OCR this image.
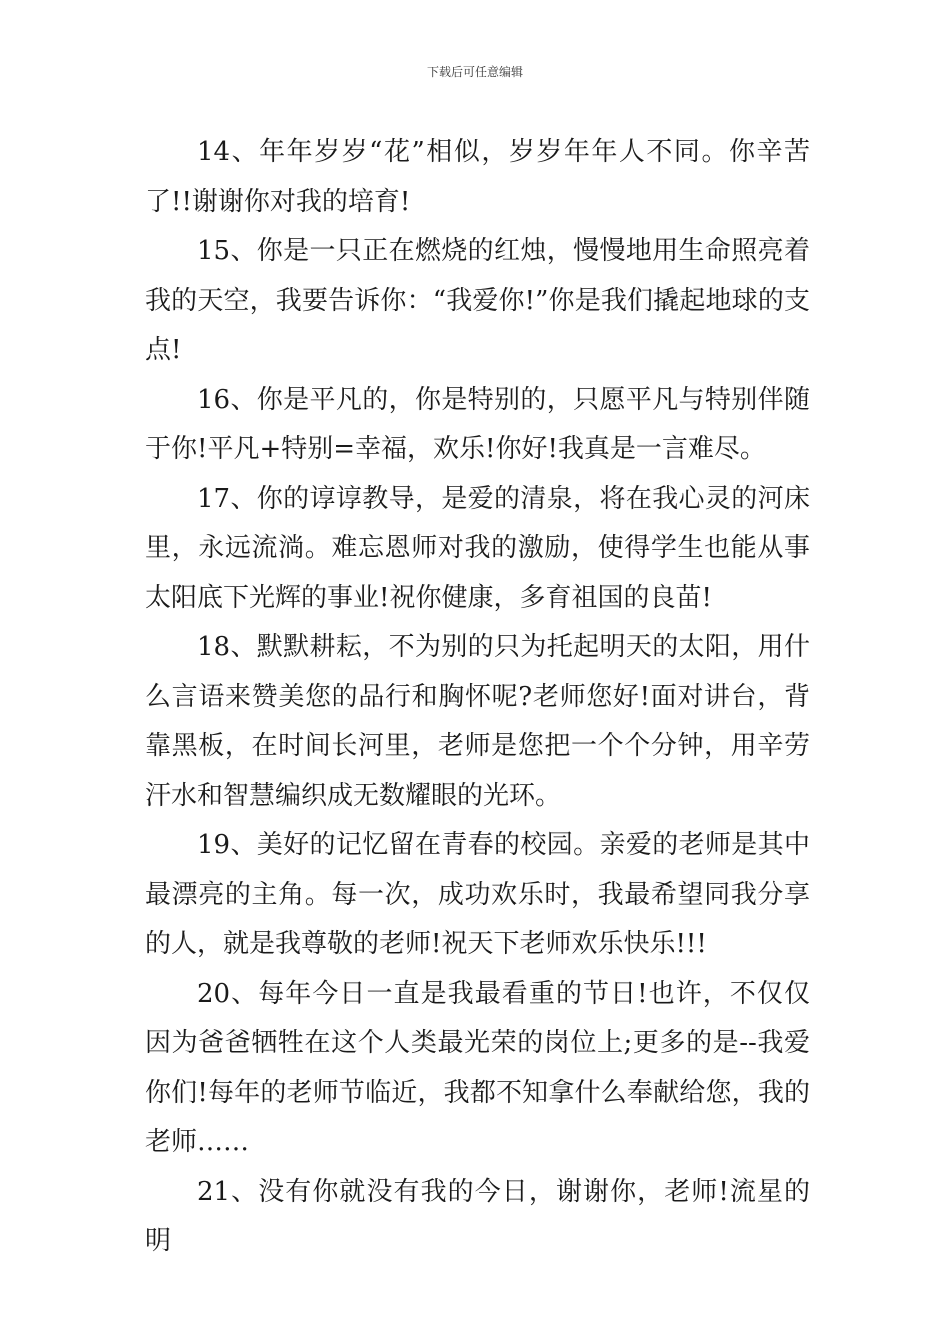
下载后可任意编辑

14、年年岁岁“花”相似，岁岁年年人不同。你辛苦了!!谢谢你对我的培育!

15、你是一只正在燃烧的红烛，慢慢地用生命照亮着我的天空，我要告诉你：“我爱你!”你是我们撬起地球的支点!

16、你是平凡的，你是特别的，只愿平凡与特别伴随于你!平凡+特别=幸福，欢乐!你好!我真是一言难尽。

17、你的谆谆教导，是爱的清泉，将在我心灵的河床里，永远流淌。难忘恩师对我的激励，使得学生也能从事太阳底下光辉的事业!祝你健康，多育祖国的良苗!

18、默默耕耘，不为别的只为托起明天的太阳，用什么言语来赞美您的品行和胸怀呢?老师您好!面对讲台，背靠黑板，在时间长河里，老师是您把一个个分钟，用辛劳汗水和智慧编织成无数耀眼的光环。

19、美好的记忆留在青春的校园。亲爱的老师是其中最漂亮的主角。每一次，成功欢乐时，我最希望同我分享的人，就是我尊敬的老师!祝天下老师欢乐快乐!!!

20、每年今日一直是我最看重的节日!也许，不仅仅因为爸爸牺牲在这个人类最光荣的岗位上;更多的是--我爱你们!每年的老师节临近，我都不知拿什么奉献给您，我的老师……

21、没有你就没有我的今日，谢谢你，老师!流星的明
